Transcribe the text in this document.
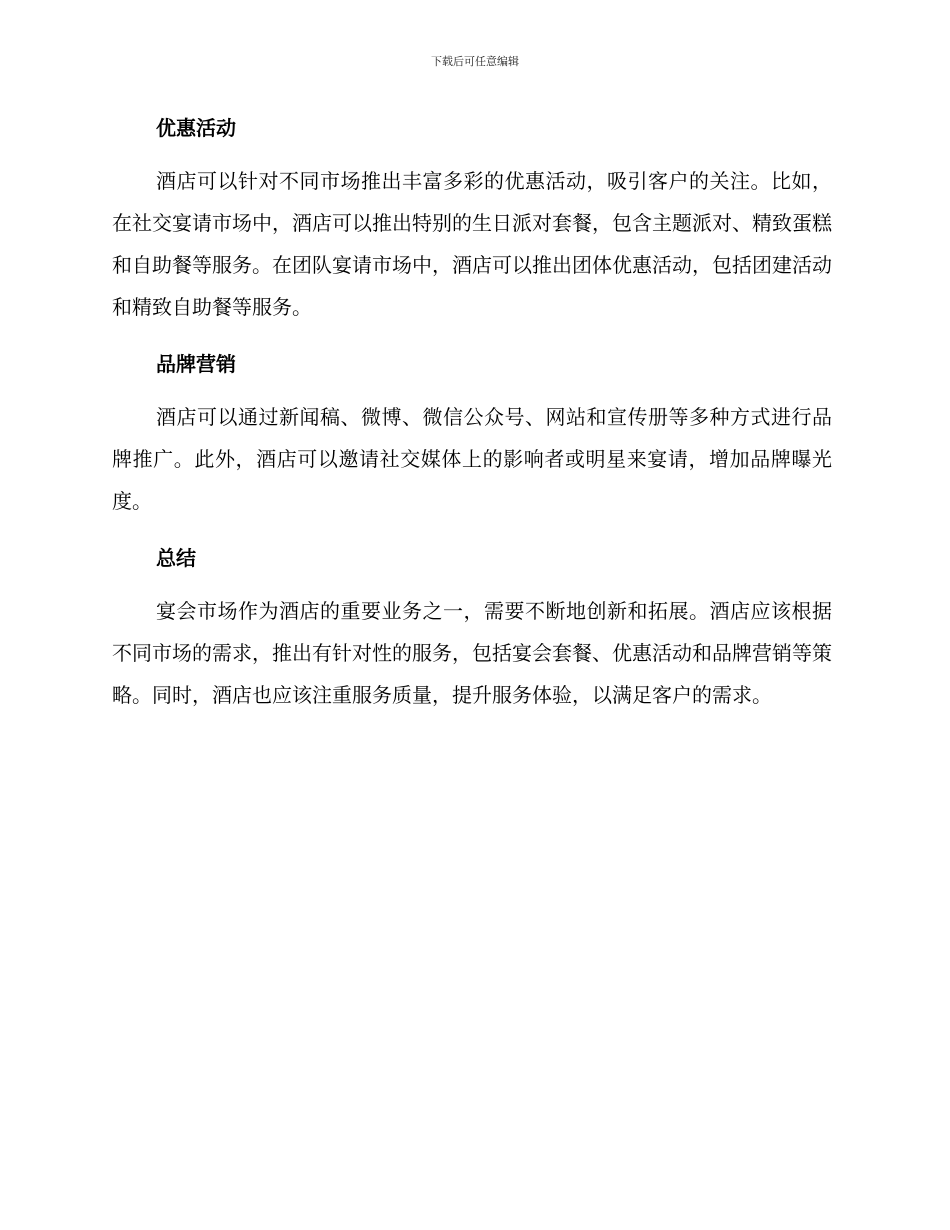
下载后可任意编辑
优惠活动

酒店可以针对不同市场推出丰富多彩的优惠活动，吸引客户的关注。比如，在社交宴请市场中，酒店可以推出特别的生日派对套餐，包含主题派对、精致蛋糕和自助餐等服务。在团队宴请市场中，酒店可以推出团体优惠活动，包括团建活动和精致自助餐等服务。

品牌营销

酒店可以通过新闻稿、微博、微信公众号、网站和宣传册等多种方式进行品牌推广。此外，酒店可以邀请社交媒体上的影响者或明星来宴请，增加品牌曝光度。

总结

宴会市场作为酒店的重要业务之一，需要不断地创新和拓展。酒店应该根据不同市场的需求，推出有针对性的服务，包括宴会套餐、优惠活动和品牌营销等策略。同时，酒店也应该注重服务质量，提升服务体验，以满足客户的需求。
